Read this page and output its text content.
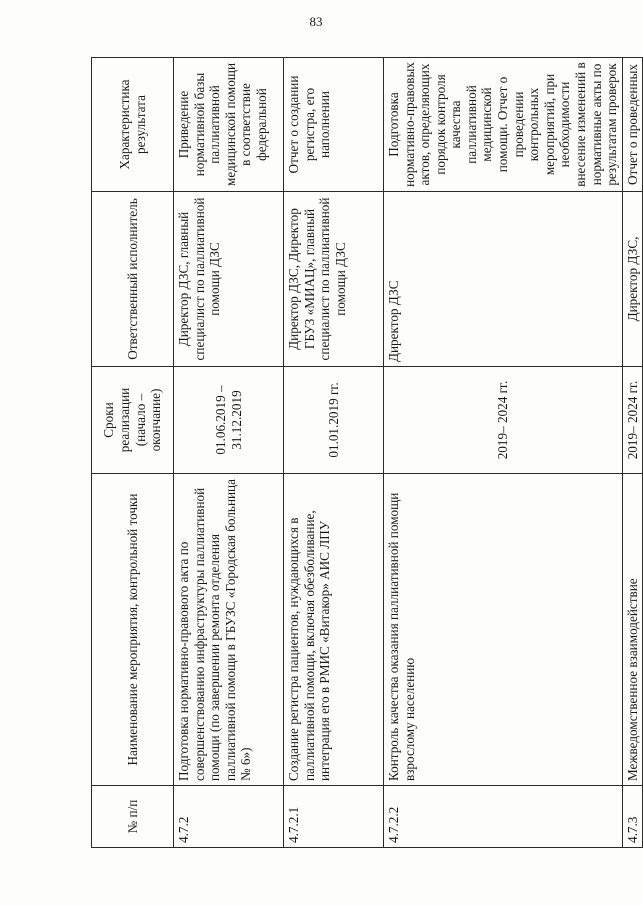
83
№ п/п	Наименование мероприятия, контрольной точки	Сроки реализации (начало – окончание)	Ответственный исполнитель	Характеристика результата
4.7.2	Подготовка нормативно-правового акта по совершенствованию инфраструктуры паллиативной помощи (по завершении ремонта отделения паллиативной помощи в ГБУЗС «Городская больница № 6»)	01.06.2019 – 31.12.2019	Директор ДЗС, главный специалист по паллиативной помощи ДЗС	Приведение нормативной базы паллиативной медицинской помощи в соответствие федеральной
4.7.2.1	Создание регистра пациентов, нуждающихся в паллиативной помощи, включая обезболивание, интеграция его в РМИС «Витакор» АИС ЛПУ	01.01.2019 гг.	Директор ДЗС, Директор ГБУЗ «МИАЦ», главный специалист по паллиативной помощи ДЗС	Отчет о создании регистра, его наполнении
4.7.2.2	Контроль качества оказания паллиативной помощи взрослому населению	2019– 2024 гг.	Директор ДЗС	Подготовка нормативно-правовых актов, определяющих порядок контроля качества паллиативной медицинской помощи. Отчет о проведении контрольных мероприятий, при необходимости внесение изменений в нормативные акты по результатам проверок
4.7.3	Межведомственное взаимодействие	2019– 2024 гг.	Директор ДЗС,	Отчет о проведенных
